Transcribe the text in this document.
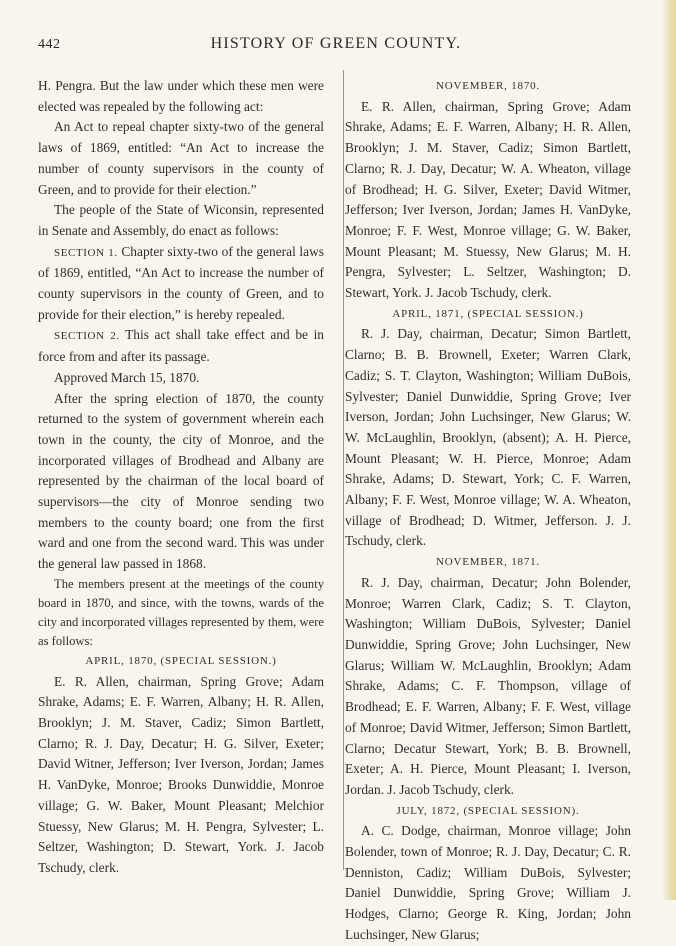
442	HISTORY OF GREEN COUNTY.

H. Pengra. But the law under which these men were elected was repealed by the following act:

An Act to repeal chapter sixty-two of the general laws of 1869, entitled: “An Act to increase the number of county supervisors in the county of Green, and to provide for their election.”

The people of the State of Wiconsin, represented in Senate and Assembly, do enact as follows:

SECTION 1. Chapter sixty-two of the general laws of 1869, entitled, “An Act to increase the number of county supervisors in the county of Green, and to provide for their election,” is hereby repealed.

SECTION 2. This act shall take effect and be in force from and after its passage.

Approved March 15, 1870.

After the spring election of 1870, the county returned to the system of government wherein each town in the county, the city of Monroe, and the incorporated villages of Brodhead and Albany are represented by the chairman of the local board of supervisors—the city of Monroe sending two members to the county board; one from the first ward and one from the second ward. This was under the general law passed in 1868.

The members present at the meetings of the county board in 1870, and since, with the towns, wards of the city and incorporated villages represented by them, were as follows:

APRIL, 1870, (SPECIAL SESSION.)

E. R. Allen, chairman, Spring Grove; Adam Shrake, Adams; E. F. Warren, Albany; H. R. Allen, Brooklyn; J. M. Staver, Cadiz; Simon Bartlett, Clarno; R. J. Day, Decatur; H. G. Silver, Exeter; David Witner, Jefferson; Iver Iverson, Jordan; James H. VanDyke, Monroe; Brooks Dunwiddie, Monroe village; G. W. Baker, Mount Pleasant; Melchior Stuessy, New Glarus; M. H. Pengra, Sylvester; L. Seltzer, Washington; D. Stewart, York. J. Jacob Tschudy, clerk.

NOVEMBER, 1870.

E. R. Allen, chairman, Spring Grove; Adam Shrake, Adams; E. F. Warren, Albany; H. R. Allen, Brooklyn; J. M. Staver, Cadiz; Simon Bartlett, Clarno; R. J. Day, Decatur; W. A. Wheaton, village of Brodhead; H. G. Silver, Exeter; David Witmer, Jefferson; Iver Iverson, Jordan; James H. VanDyke, Monroe; F. F. West, Monroe village; G. W. Baker, Mount Pleasant; M. Stuessy, New Glarus; M. H. Pengra, Sylvester; L. Seltzer, Washington; D. Stewart, York. J. Jacob Tschudy, clerk.

APRIL, 1871, (SPECIAL SESSION.)

R. J. Day, chairman, Decatur; Simon Bartlett, Clarno; B. B. Brownell, Exeter; Warren Clark, Cadiz; S. T. Clayton, Washington; William DuBois, Sylvester; Daniel Dunwiddie, Spring Grove; Iver Iverson, Jordan; John Luchsinger, New Glarus; W. W. McLaughlin, Brooklyn, (absent); A. H. Pierce, Mount Pleasant; W. H. Pierce, Monroe; Adam Shrake, Adams; D. Stewart, York; C. F. Warren, Albany; F. F. West, Monroe village; W. A. Wheaton, village of Brodhead; D. Witmer, Jefferson. J. J. Tschudy, clerk.

NOVEMBER, 1871.

R. J. Day, chairman, Decatur; John Bolender, Monroe; Warren Clark, Cadiz; S. T. Clayton, Washington; William DuBois, Sylvester; Daniel Dunwiddie, Spring Grove; John Luchsinger, New Glarus; William W. McLaughlin, Brooklyn; Adam Shrake, Adams; C. F. Thompson, village of Brodhead; E. F. Warren, Albany; F. F. West, village of Monroe; David Witmer, Jefferson; Simon Bartlett, Clarno; Decatur Stewart, York; B. B. Brownell, Exeter; A. H. Pierce, Mount Pleasant; I. Iverson, Jordan. J. Jacob Tschudy, clerk.

JULY, 1872, (SPECIAL SESSION).

A. C. Dodge, chairman, Monroe village; John Bolender, town of Monroe; R. J. Day, Decatur; C. R. Denniston, Cadiz; William DuBois, Sylvester; Daniel Dunwiddie, Spring Grove; William J. Hodges, Clarno; George R. King, Jordan; John Luchsinger, New Glarus;
